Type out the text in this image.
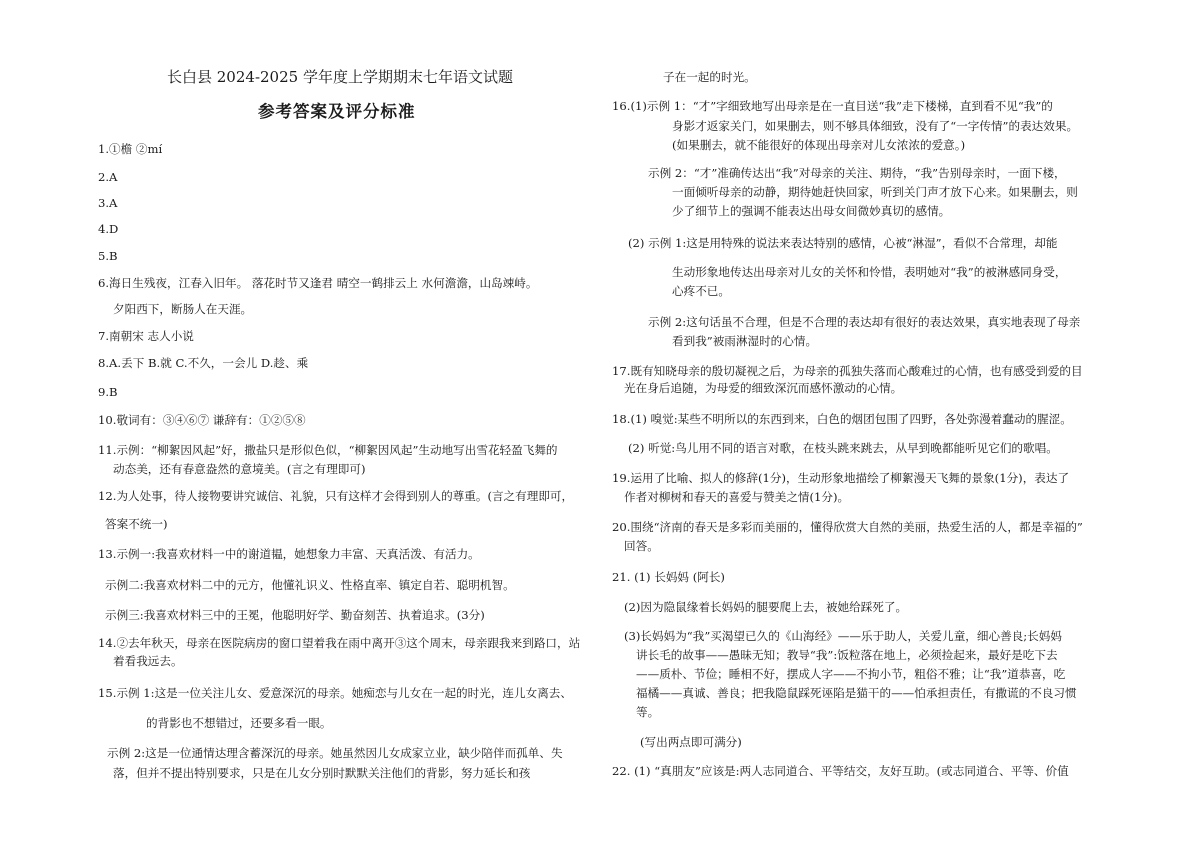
长白县 2024-2025 学年度上学期期末七年语文试题
参考答案及评分标准
1.①檐 ②mí
2.A
3.A
4.D
5.B
6.海日生残夜，江春入旧年。 落花时节又逢君 晴空一鹤排云上 水何澹澹，山岛竦峙。
夕阳西下，断肠人在天涯。
7.南朝宋 志人小说
8.A.丢下 B.就 C.不久，一会儿 D.趁、乘
9.B
10.敬词有：③④⑥⑦ 谦辞有：①②⑤⑧
11.示例：“柳絮因风起”好，撒盐只是形似色似，“柳絮因风起”生动地写出雪花轻盈飞舞的
动态美，还有春意盎然的意境美。(言之有理即可)
12.为人处事，待人接物要讲究诚信、礼貌，只有这样才会得到别人的尊重。(言之有理即可，
答案不统一)
13.示例一:我喜欢材料一中的谢道韫，她想象力丰富、天真活泼、有活力。
示例二:我喜欢材料二中的元方，他懂礼识义、性格直率、镇定自若、聪明机智。
示例三:我喜欢材料三中的王冕，他聪明好学、勤奋刻苦、执着追求。(3分)
14.②去年秋天，母亲在医院病房的窗口望着我在雨中离开③这个周末，母亲跟我来到路口，站
着看我远去。
15.示例 1:这是一位关注儿女、爱意深沉的母亲。她痴恋与儿女在一起的时光，连儿女离去、
的背影也不想错过，还要多看一眼。
示例 2:这是一位通情达理含蓄深沉的母亲。她虽然因儿女成家立业，缺少陪伴而孤单、失
落，但并不提出特别要求，只是在儿女分别时默默关注他们的背影，努力延长和孩
子在一起的时光。
16.(1)示例 1：“才”字细致地写出母亲是在一直目送“我”走下楼梯，直到看不见“我”的
身影才返家关门，如果删去，则不够具体细致，没有了“一字传情”的表达效果。
(如果删去，就不能很好的体现出母亲对儿女浓浓的爱意。)
示例 2：“才”准确传达出“我”对母亲的关注、期待，“我”告别母亲时，一面下楼，
一面倾听母亲的动静，期待她赶快回家，听到关门声才放下心来。如果删去，则
少了细节上的强调不能表达出母女间微妙真切的感情。
(2) 示例 1:这是用特殊的说法来表达特别的感情，心被“淋湿”，看似不合常理，却能
生动形象地传达出母亲对儿女的关怀和怜惜，表明她对“我”的被淋感同身受，
心疼不已。
示例 2:这句话虽不合理，但是不合理的表达却有很好的表达效果，真实地表现了母亲
看到我”被雨淋湿时的心情。
17.既有知晓母亲的殷切凝视之后，为母亲的孤独失落而心酸难过的心情，也有感受到爱的目
光在身后追随，为母爱的细致深沉而感怀激动的心情。
18.(1) 嗅觉:某些不明所以的东西到来，白色的烟团包围了四野，各处弥漫着蠢动的腥涩。
(2) 听觉:鸟儿用不同的语言对歌，在枝头跳来跳去，从早到晚都能听见它们的歌唱。
19.运用了比喻、拟人的修辞(1分)，生动形象地描绘了柳絮漫天飞舞的景象(1分)，表达了
作者对柳树和春天的喜爱与赞美之情(1分)。
20.围绕“济南的春天是多彩而美丽的，懂得欣赏大自然的美丽，热爱生活的人，都是幸福的”
回答。
21. (1) 长妈妈 (阿长)
(2)因为隐鼠缘着长妈妈的腿要爬上去，被她给踩死了。
(3)长妈妈为“我”买渴望已久的《山海经》——乐于助人，关爱儿童，细心善良;长妈妈
讲长毛的故事——愚昧无知；教导“我”:饭粒落在地上，必须捡起来，最好是吃下去
——质朴、节俭；睡相不好，摆成人字——不拘小节，粗俗不雅；让“我”道恭喜，吃
福橘——真诚、善良；把我隐鼠踩死诬陷是猫干的——怕承担责任，有撒谎的不良习惯
等。
(写出两点即可满分)
22. (1) “真朋友”应该是:两人志同道合、平等结交，友好互助。(或志同道合、平等、价值
